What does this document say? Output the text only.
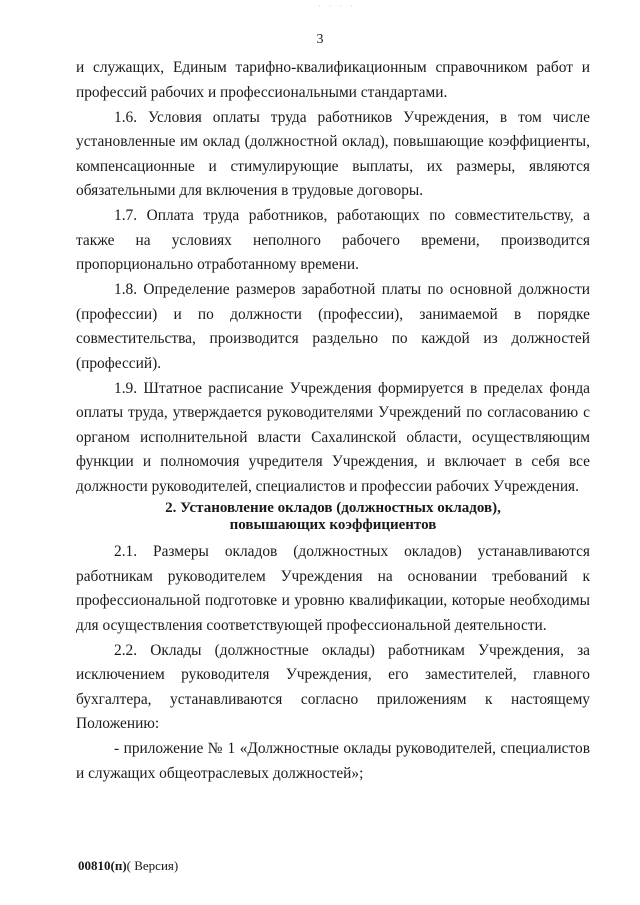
· · · ·
3

и служащих, Единым тарифно-квалификационным справочником работ и профессий рабочих и профессиональными стандартами.

1.6. Условия оплаты труда работников Учреждения, в том числе установленные им оклад (должностной оклад), повышающие коэффициенты, компенсационные и стимулирующие выплаты, их размеры, являются обязательными для включения в трудовые договоры.

1.7. Оплата труда работников, работающих по совместительству, а также на условиях неполного рабочего времени, производится пропорционально отработанному времени.

1.8. Определение размеров заработной платы по основной должности (профессии) и по должности (профессии), занимаемой в порядке совместительства, производится раздельно по каждой из должностей (профессий).

1.9. Штатное расписание Учреждения формируется в пределах фонда оплаты труда, утверждается руководителями Учреждений по согласованию с органом исполнительной власти Сахалинской области, осуществляющим функции и полномочия учредителя Учреждения, и включает в себя все должности руководителей, специалистов и профессии рабочих Учреждения.

2. Установление окладов (должностных окладов),
повышающих коэффициентов

2.1. Размеры окладов (должностных окладов) устанавливаются работникам руководителем Учреждения на основании требований к профессиональной подготовке и уровню квалификации, которые необходимы для осуществления соответствующей профессиональной деятельности.

2.2. Оклады (должностные оклады) работникам Учреждения, за исключением руководителя Учреждения, его заместителей, главного бухгалтера, устанавливаются согласно приложениям к настоящему Положению:

- приложение № 1 «Должностные оклады руководителей, специалистов и служащих общеотраслевых должностей»;

00810(п)( Версия)
